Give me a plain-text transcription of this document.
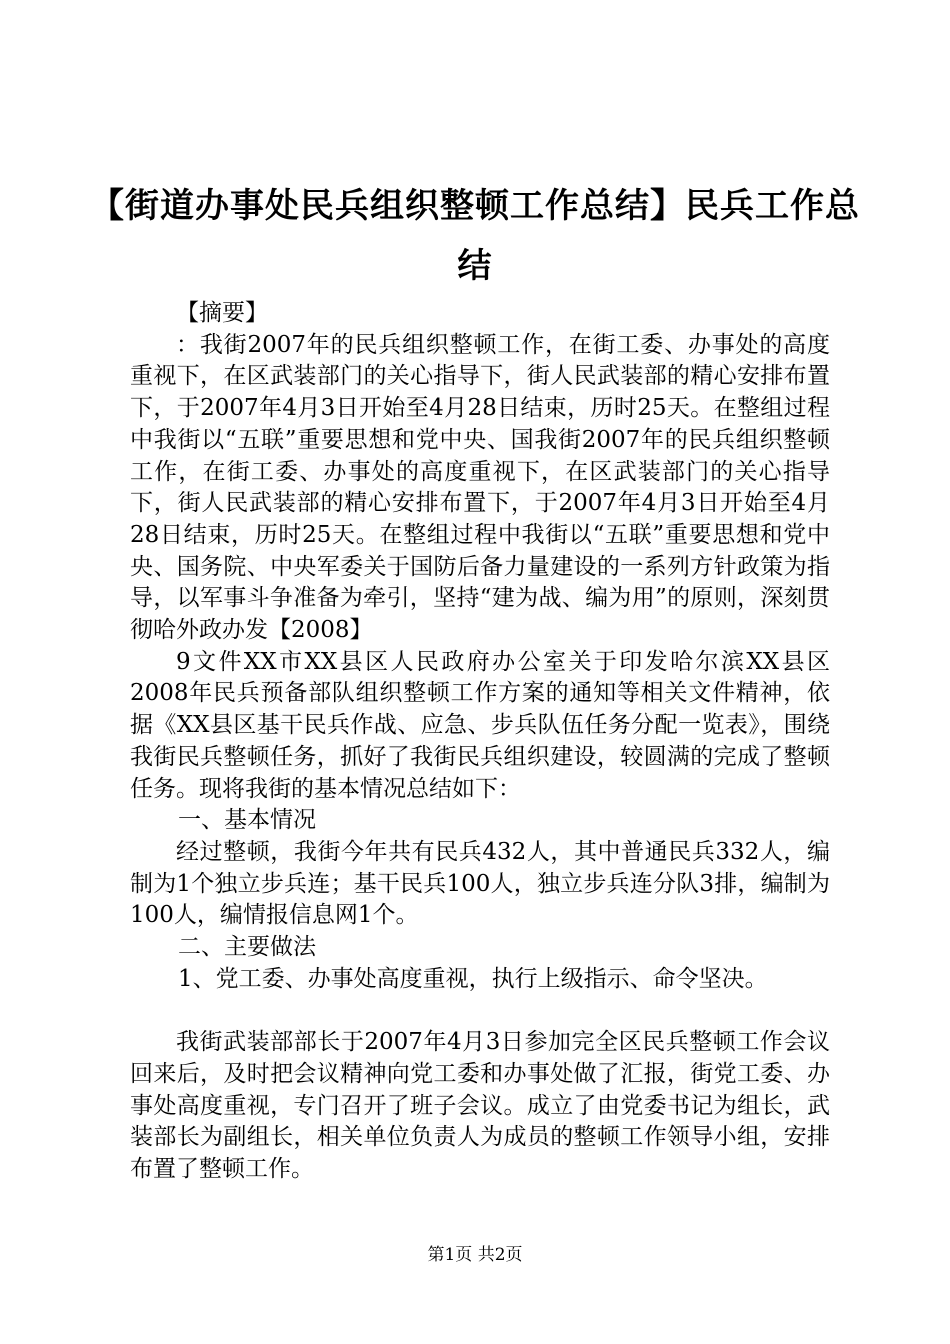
【街道办事处民兵组织整顿工作总结】民兵工作总结

【摘要】

：我街2007年的民兵组织整顿工作，在街工委、办事处的高度重视下，在区武装部门的关心指导下，街人民武装部的精心安排布置下，于2007年4月3日开始至4月28日结束，历时25天。在整组过程中我街以“五联”重要思想和党中央、国我街2007年的民兵组织整顿工作，在街工委、办事处的高度重视下，在区武装部门的关心指导下，街人民武装部的精心安排布置下，于2007年4月3日开始至4月28日结束，历时25天。在整组过程中我街以“五联”重要思想和党中央、国务院、中央军委关于国防后备力量建设的一系列方针政策为指导，以军事斗争准备为牵引，坚持“建为战、编为用”的原则，深刻贯彻哈外政办发【2008】

9文件XX市XX县区人民政府办公室关于印发哈尔滨XX县区2008年民兵预备部队组织整顿工作方案的通知等相关文件精神，依据《XX县区基干民兵作战、应急、步兵队伍任务分配一览表》，围绕我街民兵整顿任务，抓好了我街民兵组织建设，较圆满的完成了整顿任务。现将我街的基本情况总结如下：

一、基本情况

经过整顿，我街今年共有民兵432人，其中普通民兵332人，编制为1个独立步兵连；基干民兵100人，独立步兵连分队3排，编制为100人，编情报信息网1个。

二、主要做法

1、党工委、办事处高度重视，执行上级指示、命令坚决。

我街武装部部长于2007年4月3日参加完全区民兵整顿工作会议回来后，及时把会议精神向党工委和办事处做了汇报，街党工委、办事处高度重视，专门召开了班子会议。成立了由党委书记为组长，武装部长为副组长，相关单位负责人为成员的整顿工作领导小组，安排布置了整顿工作。

第1页 共2页
